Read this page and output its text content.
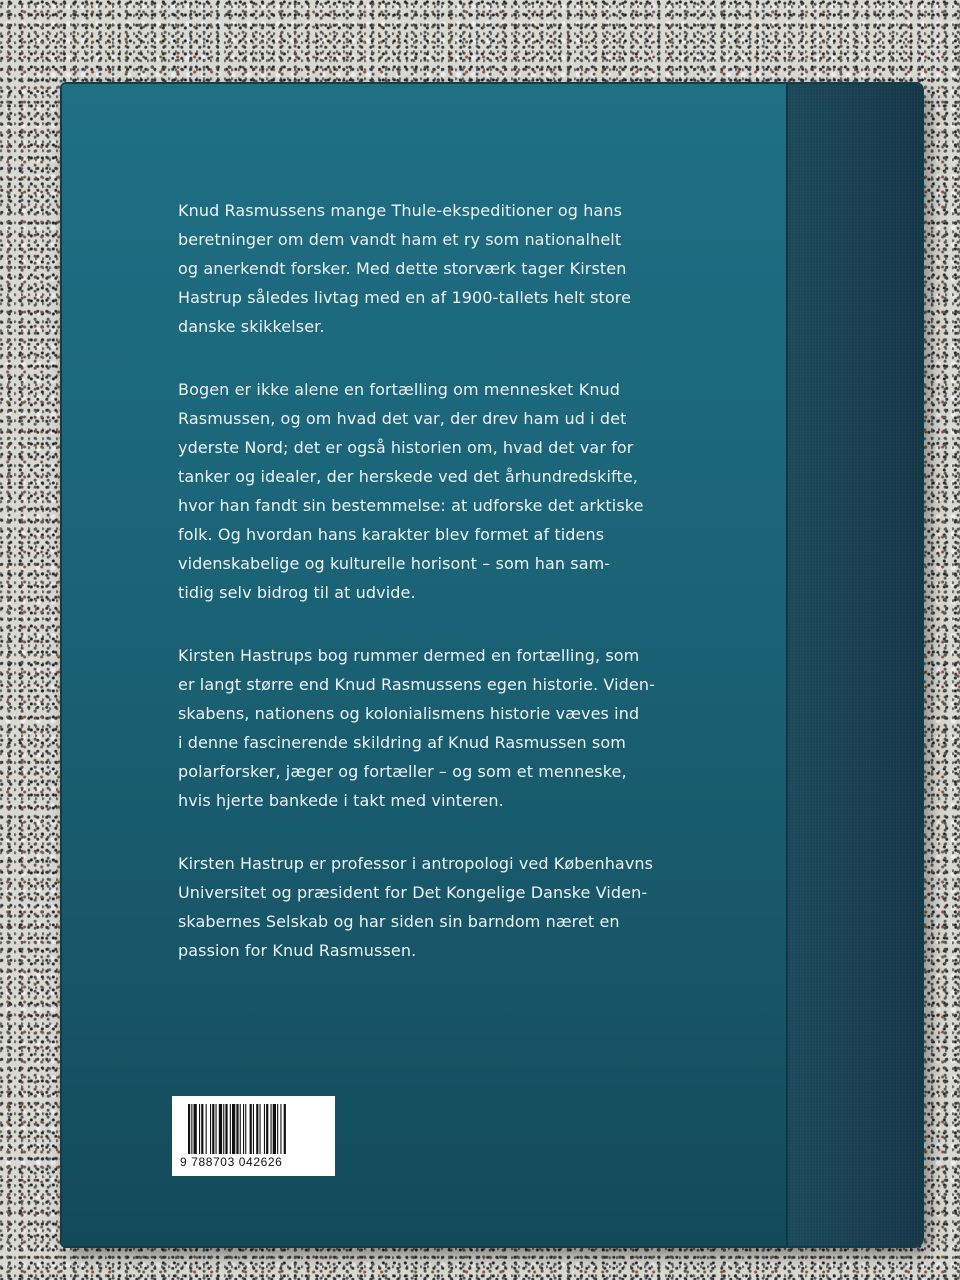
Knud Rasmussens mange Thule-ekspeditioner og hans
beretninger om dem vandt ham et ry som nationalhelt
og anerkendt forsker. Med dette storværk tager Kirsten
Hastrup således livtag med en af 1900-tallets helt store
danske skikkelser.

Bogen er ikke alene en fortælling om mennesket Knud
Rasmussen, og om hvad det var, der drev ham ud i det
yderste Nord; det er også historien om, hvad det var for
tanker og idealer, der herskede ved det århundredskifte,
hvor han fandt sin bestemmelse: at udforske det arktiske
folk. Og hvordan hans karakter blev formet af tidens
videnskabelige og kulturelle horisont – som han sam-
tidig selv bidrog til at udvide.

Kirsten Hastrups bog rummer dermed en fortælling, som
er langt større end Knud Rasmussens egen historie. Viden-
skabens, nationens og kolonialismens historie væves ind
i denne fascinerende skildring af Knud Rasmussen som
polarforsker, jæger og fortæller – og som et menneske,
hvis hjerte bankede i takt med vinteren.

Kirsten Hastrup er professor i antropologi ved Københavns
Universitet og præsident for Det Kongelige Danske Viden-
skabernes Selskab og har siden sin barndom næret en
passion for Knud Rasmussen.

9 788703 042626
